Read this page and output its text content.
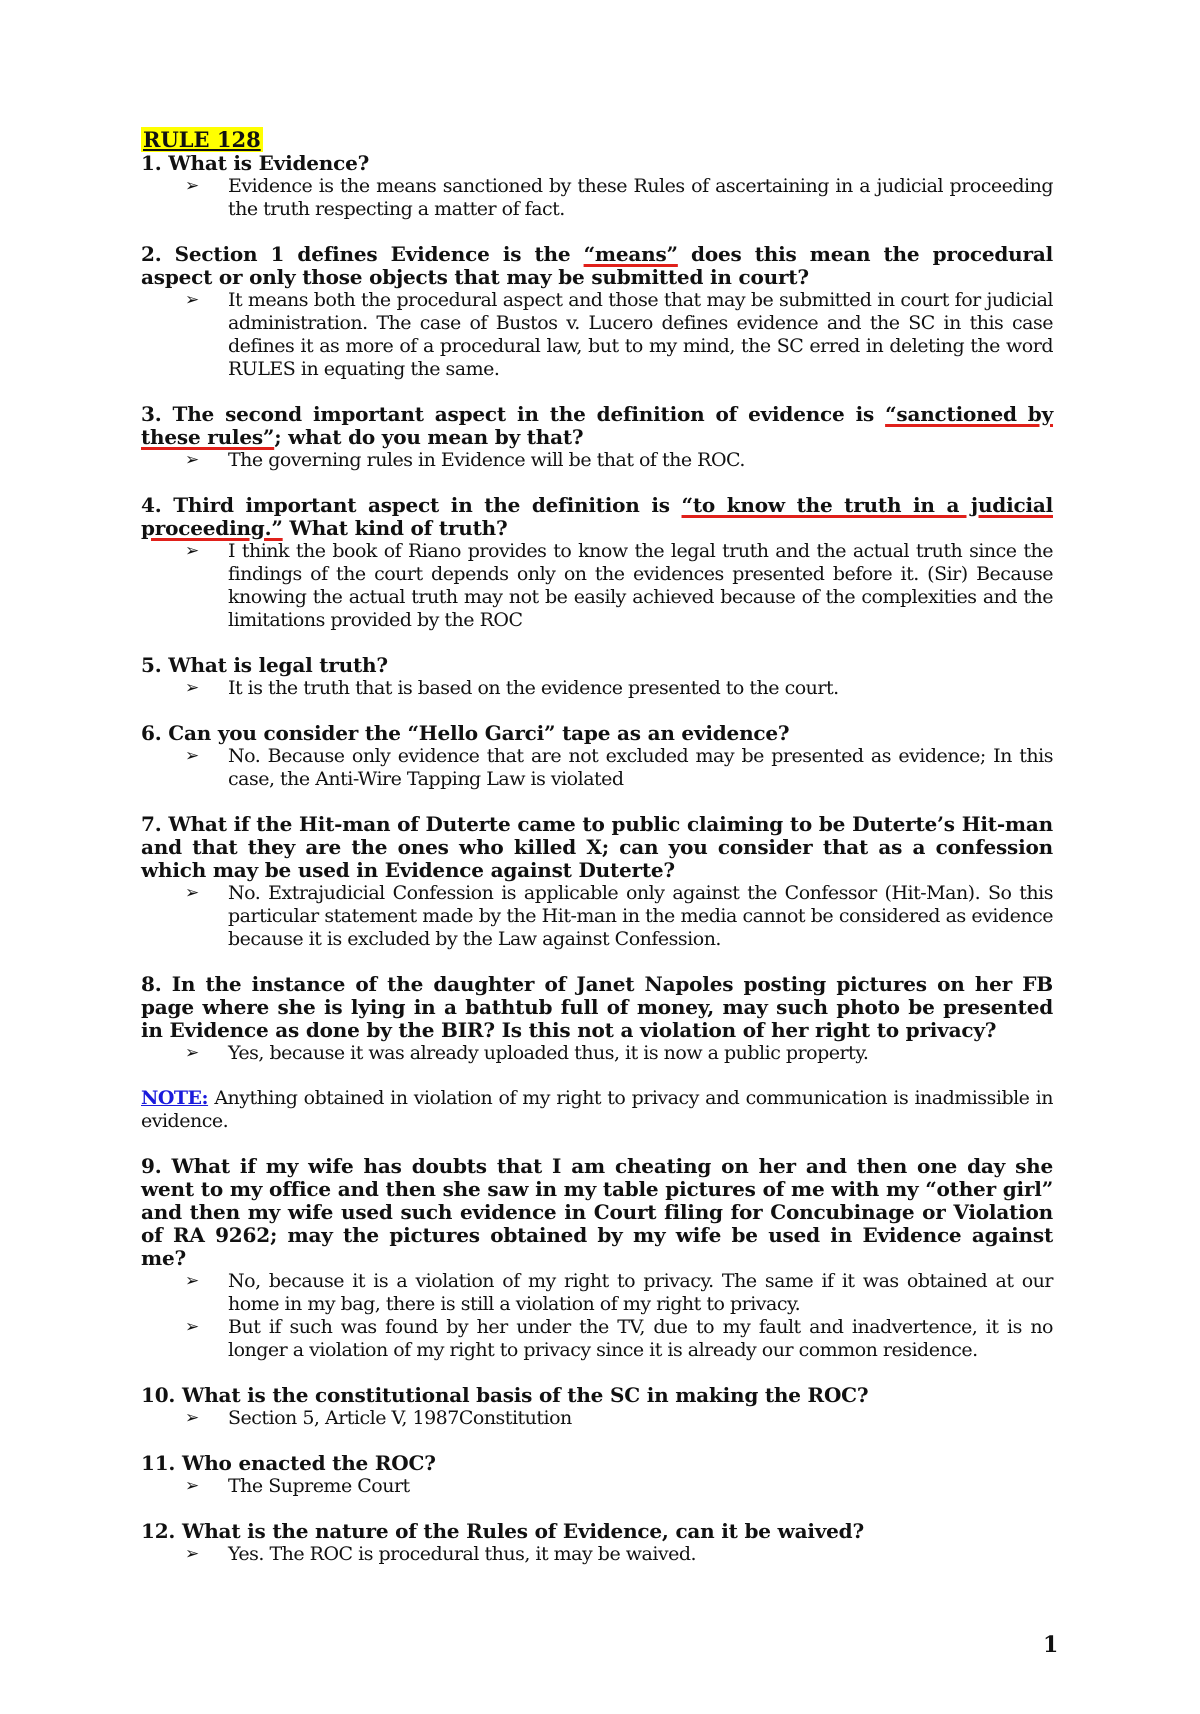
RULE 128

1. What is Evidence?

➢ Evidence is the means sanctioned by these Rules of ascertaining in a judicial proceeding the truth respecting a matter of fact.

2. Section 1 defines Evidence is the “means” does this mean the procedural aspect or only those objects that may be submitted in court?

➢ It means both the procedural aspect and those that may be submitted in court for judicial administration. The case of Bustos v. Lucero defines evidence and the SC in this case defines it as more of a procedural law, but to my mind, the SC erred in deleting the word RULES in equating the same.

3. The second important aspect in the definition of evidence is “sanctioned by these rules”; what do you mean by that?

➢ The governing rules in Evidence will be that of the ROC.

4. Third important aspect in the definition is “to know the truth in a judicial proceeding.” What kind of truth?

➢ I think the book of Riano provides to know the legal truth and the actual truth since the findings of the court depends only on the evidences presented before it. (Sir) Because knowing the actual truth may not be easily achieved because of the complexities and the limitations provided by the ROC

5. What is legal truth?

➢ It is the truth that is based on the evidence presented to the court.

6. Can you consider the “Hello Garci” tape as an evidence?

➢ No. Because only evidence that are not excluded may be presented as evidence; In this case, the Anti-Wire Tapping Law is violated

7. What if the Hit-man of Duterte came to public claiming to be Duterte’s Hit-man and that they are the ones who killed X; can you consider that as a confession which may be used in Evidence against Duterte?

➢ No. Extrajudicial Confession is applicable only against the Confessor (Hit-Man). So this particular statement made by the Hit-man in the media cannot be considered as evidence because it is excluded by the Law against Confession.

8. In the instance of the daughter of Janet Napoles posting pictures on her FB page where she is lying in a bathtub full of money, may such photo be presented in Evidence as done by the BIR? Is this not a violation of her right to privacy?

➢ Yes, because it was already uploaded thus, it is now a public property.

NOTE: Anything obtained in violation of my right to privacy and communication is inadmissible in evidence.

9. What if my wife has doubts that I am cheating on her and then one day she went to my office and then she saw in my table pictures of me with my “other girl” and then my wife used such evidence in Court filing for Concubinage or Violation of RA 9262; may the pictures obtained by my wife be used in Evidence against me?

➢ No, because it is a violation of my right to privacy. The same if it was obtained at our home in my bag, there is still a violation of my right to privacy.
➢ But if such was found by her under the TV, due to my fault and inadvertence, it is no longer a violation of my right to privacy since it is already our common residence.

10. What is the constitutional basis of the SC in making the ROC?

➢ Section 5, Article V, 1987Constitution

11. Who enacted the ROC?

➢ The Supreme Court

12. What is the nature of the Rules of Evidence, can it be waived?

➢ Yes. The ROC is procedural thus, it may be waived.
1
